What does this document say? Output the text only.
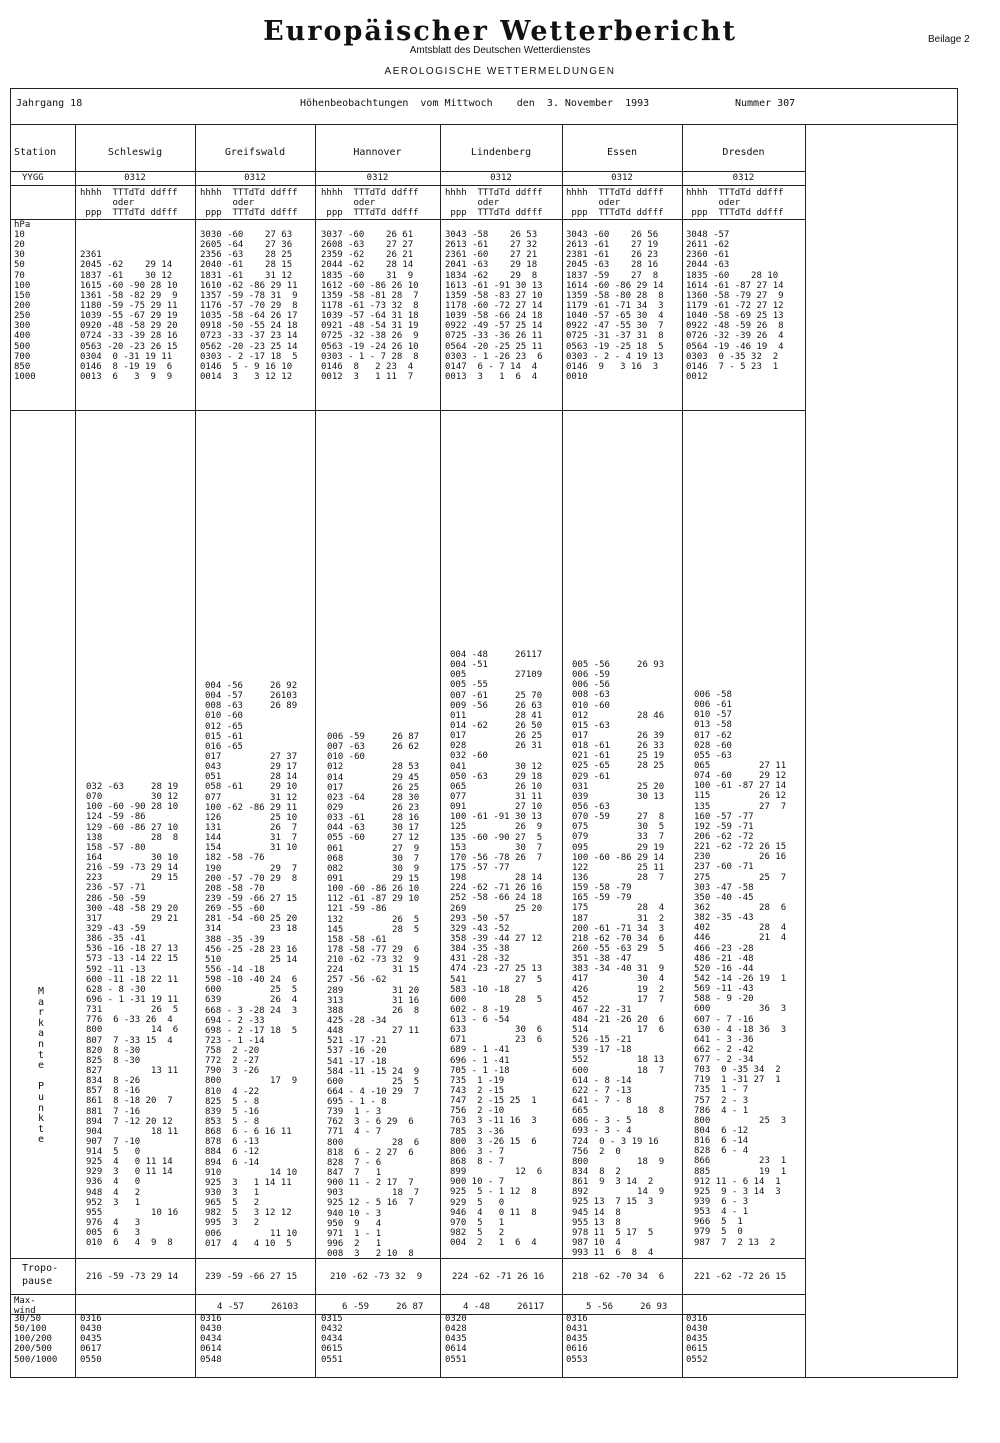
Europäischer Wetterbericht
Amtsblatt des Deutschen Wetterdienstes
AEROLOGISCHE WETTERMELDUNGEN
Beilage 2
Jahrgang 18	Höhenbeobachtungen  vom Mittwoch    den  3. November  1993	Nummer 307
Station
YYGG
hPa
10
20
30
50
70
100
150
200
250
300
400
500
700
850
1000
M
a
r
k
a
n
t
e

P
u
n
k
t
e
Tropo-
pause
Max-
wind
30/50
50/100
100/200
200/500
500/1000
Schleswig
0312
hhhh  TTTdTd ddfff
oder
ppp  TTTdTd ddfff

2361
2045 -62    29 14
1837 -61    30 12
1615 -60 -90 28 10
1361 -58 -82 29  9
1180 -59 -75 29 11
1039 -55 -67 29 19
0920 -48 -58 29 20
0724 -33 -39 28 16
0563 -20 -23 26 15
0304  0 -31 19 11
0146  8 -19 19  6
0013  6   3  9  9
032 -63     28 19
070         30 12
100 -60 -90 28 10
124 -59 -86
129 -60 -86 27 10
138         28  8
158 -57 -80
164         30 10
216 -59 -73 29 14
223         29 15
236 -57 -71
286 -50 -59
300 -48 -58 29 20
317         29 21
329 -43 -59
386 -35 -41
536 -16 -18 27 13
573 -13 -14 22 15
592 -11 -13
600 -11 -18 22 11
628 - 8 -30
696 - 1 -31 19 11
731         26  5
776  6 -33 26  4
800         14  6
807  7 -33 15  4
820  8 -30
825  8 -30
827         13 11
834  8 -26
857  8 -16
861  8 -18 20  7
881  7 -16
894  7 -12 20 12
904         18 11
907  7 -10
914  5   0
925  4   0 11 14
929  3   0 11 14
936  4   0
948  4   2
952  3   1
955         10 16
976  4   3
005  6   3
010  6   4  9  8
216 -59 -73 29 14
0316
0430
0435
0617
0550
Greifswald
0312
hhhh  TTTdTd ddfff
oder
ppp  TTTdTd ddfff
3030 -60    27 63
2605 -64    27 36
2356 -63    28 25
2040 -61    28 15
1831 -61    31 12
1610 -62 -86 29 11
1357 -59 -78 31  9
1176 -57 -70 29  8
1035 -58 -64 26 17
0918 -50 -55 24 18
0723 -33 -37 23 14
0562 -20 -23 25 14
0303 - 2 -17 18  5
0146  5 - 9 16 10
0014  3   3 12 12
004 -56     26 92
004 -57     26103
008 -63     26 89
010 -60
012 -65
015 -61
016 -65
017         27 37
043         29 17
051         28 14
058 -61     29 10
077         31 12
100 -62 -86 29 11
126         25 10
131         26  7
144         31  7
154         31 10
182 -58 -76
190         29  7
200 -57 -70 29  8
208 -58 -70
239 -59 -66 27 15
269 -55 -60
281 -54 -60 25 20
314         23 18
388 -35 -39
456 -25 -28 23 16
510         25 14
556 -14 -18
598 -10 -40 24  6
600         25  5
639         26  4
668 - 3 -28 24  3
694 - 2 -33
698 - 2 -17 18  5
723 - 1 -14
758  2 -20
772  2 -27
790  3 -26
800         17  9
810  4 -22
825  5 - 8
839  5 -16
853  5 - 8
868  6 - 6 16 11
878  6 -13
884  6 -12
894  6 -14
910         14 10
925  3   1 14 11
930  3   1
965  5   2
982  5   3 12 12
995  3   2
006         11 10
017  4   4 10  5
239 -59 -66 27 15
4 -57     26103
0316
0430
0434
0614
0548
Hannover
0312
hhhh  TTTdTd ddfff
oder
ppp  TTTdTd ddfff
3037 -60    26 61
2608 -63    27 27
2359 -62    26 21
2044 -62    28 14
1835 -60    31  9
1612 -60 -86 26 10
1359 -58 -81 28  7
1178 -61 -73 32  8
1039 -57 -64 31 18
0921 -48 -54 31 19
0725 -32 -38 26  9
0563 -19 -24 26 10
0303 - 1 - 7 28  8
0146  8   2 23  4
0012  3   1 11  7
006 -59     26 87
007 -63     26 62
010 -60
012         28 53
014         29 45
017         26 25
023 -64     28 30
029         26 23
033 -61     28 16
044 -63     30 17
055 -60     27 12
061         27  9
068         30  7
082         30  9
091         29 15
100 -60 -86 26 10
112 -61 -87 29 10
121 -59 -86
132         26  5
145         28  5
158 -58 -61
178 -58 -77 29  6
210 -62 -73 32  9
224         31 15
257 -56 -62
289         31 20
313         31 16
388         26  8
425 -28 -34
448         27 11
521 -17 -21
537 -16 -20
541 -17 -18
584 -11 -15 24  9
600         25  5
664 - 4 -10 29  7
695 - 1 - 8
739  1 - 3
762  3 - 6 29  6
771  4 - 7
800         28  6
818  6 - 2 27  6
828  7 - 6
847  7   1
900 11 - 2 17  7
903         18  7
925 12 - 5 16  7
940 10 - 3
950  9   4
971  1 - 1
996  2   1
008  3   2 10  8
210 -62 -73 32  9
6 -59     26 87
0315
0432
0434
0615
0551
Lindenberg
0312
hhhh  TTTdTd ddfff
oder
ppp  TTTdTd ddfff
3043 -58    26 53
2613 -61    27 32
2361 -60    27 21
2041 -63    29 18
1834 -62    29  8
1613 -61 -91 30 13
1359 -58 -83 27 10
1178 -60 -72 27 14
1039 -58 -66 24 18
0922 -49 -57 25 14
0725 -33 -36 26 11
0564 -20 -25 25 11
0303 - 1 -26 23  6
0147  6 - 7 14  4
0013  3   1  6  4
004 -48     26117
004 -51
005         27109
005 -55
007 -61     25 70
009 -56     26 63
011         28 41
014 -62     26 50
017         26 25
028         26 31
032 -60
041         30 12
050 -63     29 18
065         26 10
077         31 11
091         27 10
100 -61 -91 30 13
125         26  9
135 -60 -90 27  5
153         30  7
170 -56 -78 26  7
175 -57 -77
198         28 14
224 -62 -71 26 16
252 -58 -66 24 18
269         25 20
293 -50 -57
329 -43 -52
358 -39 -44 27 12
384 -35 -38
431 -28 -32
474 -23 -27 25 13
541         27  5
583 -10 -18
600         28  5
602 - 8 -19
613 - 6 -54
633         30  6
671         23  6
689 - 1 -41
696 - 1 -41
705 - 1 -18
735  1 -19
743  2 -15
747  2 -15 25  1
756  2 -10
763  3 -11 16  3
785  3 -36
800  3 -26 15  6
806  3 - 7
868  8 - 7
899         12  6
900 10 - 7
925  5 - 1 12  8
929  5   0
946  4   0 11  8
970  5   1
982  5   2
004  2   1  6  4
224 -62 -71 26 16
4 -48     26117
0320
0428
0435
0614
0551
Essen
0312
hhhh  TTTdTd ddfff
oder
ppp  TTTdTd ddfff
3043 -60    26 56
2613 -61    27 19
2381 -61    26 23
2045 -63    28 16
1837 -59    27  8
1614 -60 -86 29 14
1359 -58 -80 28  8
1179 -61 -71 34  3
1040 -57 -65 30  4
0922 -47 -55 30  7
0725 -31 -37 31  8
0563 -19 -25 18  5
0303 - 2 - 4 19 13
0146  9   3 16  3
0010
005 -56     26 93
006 -59
006 -56
008 -63
010 -60
012         28 46
015 -63
017         26 39
018 -61     26 33
021 -61     25 19
025 -65     28 25
029 -61
031         25 20
039         30 13
056 -63
070 -59     27  8
075         30  5
079         33  7
095         29 19
100 -60 -86 29 14
122         25 11
136         28  7
159 -58 -79
165 -59 -79
175         28  4
187         31  2
200 -61 -71 34  3
218 -62 -70 34  6
260 -55 -63 29  5
351 -38 -47
383 -34 -40 31  9
417         30  4
426         19  2
452         17  7
467 -22 -31
484 -21 -26 20  6
514         17  6
526 -15 -21
539 -17 -18
552         18 13
600         18  7
614 - 8 -14
622 - 7 -13
641 - 7 - 8
665         18  8
686 - 3 - 5
693 - 3 - 4
724  0 - 3 19 16
756  2  0
800         18  9
834  8  2
861  9  3 14  2
892         14  9
925 13  7 15  3
945 14  8
955 13  8
978 11  5 17  5
987 10  4
993 11  6  8  4
218 -62 -70 34  6
5 -56     26 93
0316
0431
0435
0616
0553
Dresden
0312
hhhh  TTTdTd ddfff
oder
ppp  TTTdTd ddfff
3048 -57
2611 -62
2360 -61
2044 -63
1835 -60    28 10
1614 -61 -87 27 14
1360 -58 -79 27  9
1179 -61 -72 27 12
1040 -58 -69 25 13
0922 -48 -59 26  8
0726 -32 -39 26  4
0564 -19 -46 19  4
0303  0 -35 32  2
0146  7 - 5 23  1
0012
006 -58
006 -61
010 -57
013 -58
017 -62
028 -60
055 -63
065         27 11
074 -60     29 12
100 -61 -87 27 14
115         26 12
135         27  7
160 -57 -77
192 -59 -71
206 -62 -72
221 -62 -72 26 15
230         26 16
237 -60 -71
275         25  7
303 -47 -58
350 -40 -45
362         28  6
382 -35 -43
402         28  4
446         21  4
466 -23 -28
486 -21 -48
520 -16 -44
542 -14 -26 19  1
569 -11 -43
588 - 9 -20
600         36  3
607 - 7 -16
630 - 4 -18 36  3
641 - 3 -36
662 - 2 -42
677 - 2 -34
703  0 -35 34  2
719  1 -31 27  1
735  1 - 7
757  2 - 3
786  4 - 1
800         25  3
804  6 -12
816  6 -14
828  6 - 4
866         23  1
885         19  1
912 11 - 6 14  1
925  9 - 3 14  3
939  6 - 3
953  4 - 1
966  5  1
979  5  0
987  7  2 13  2
221 -62 -72 26 15
0316
0430
0435
0615
0552
